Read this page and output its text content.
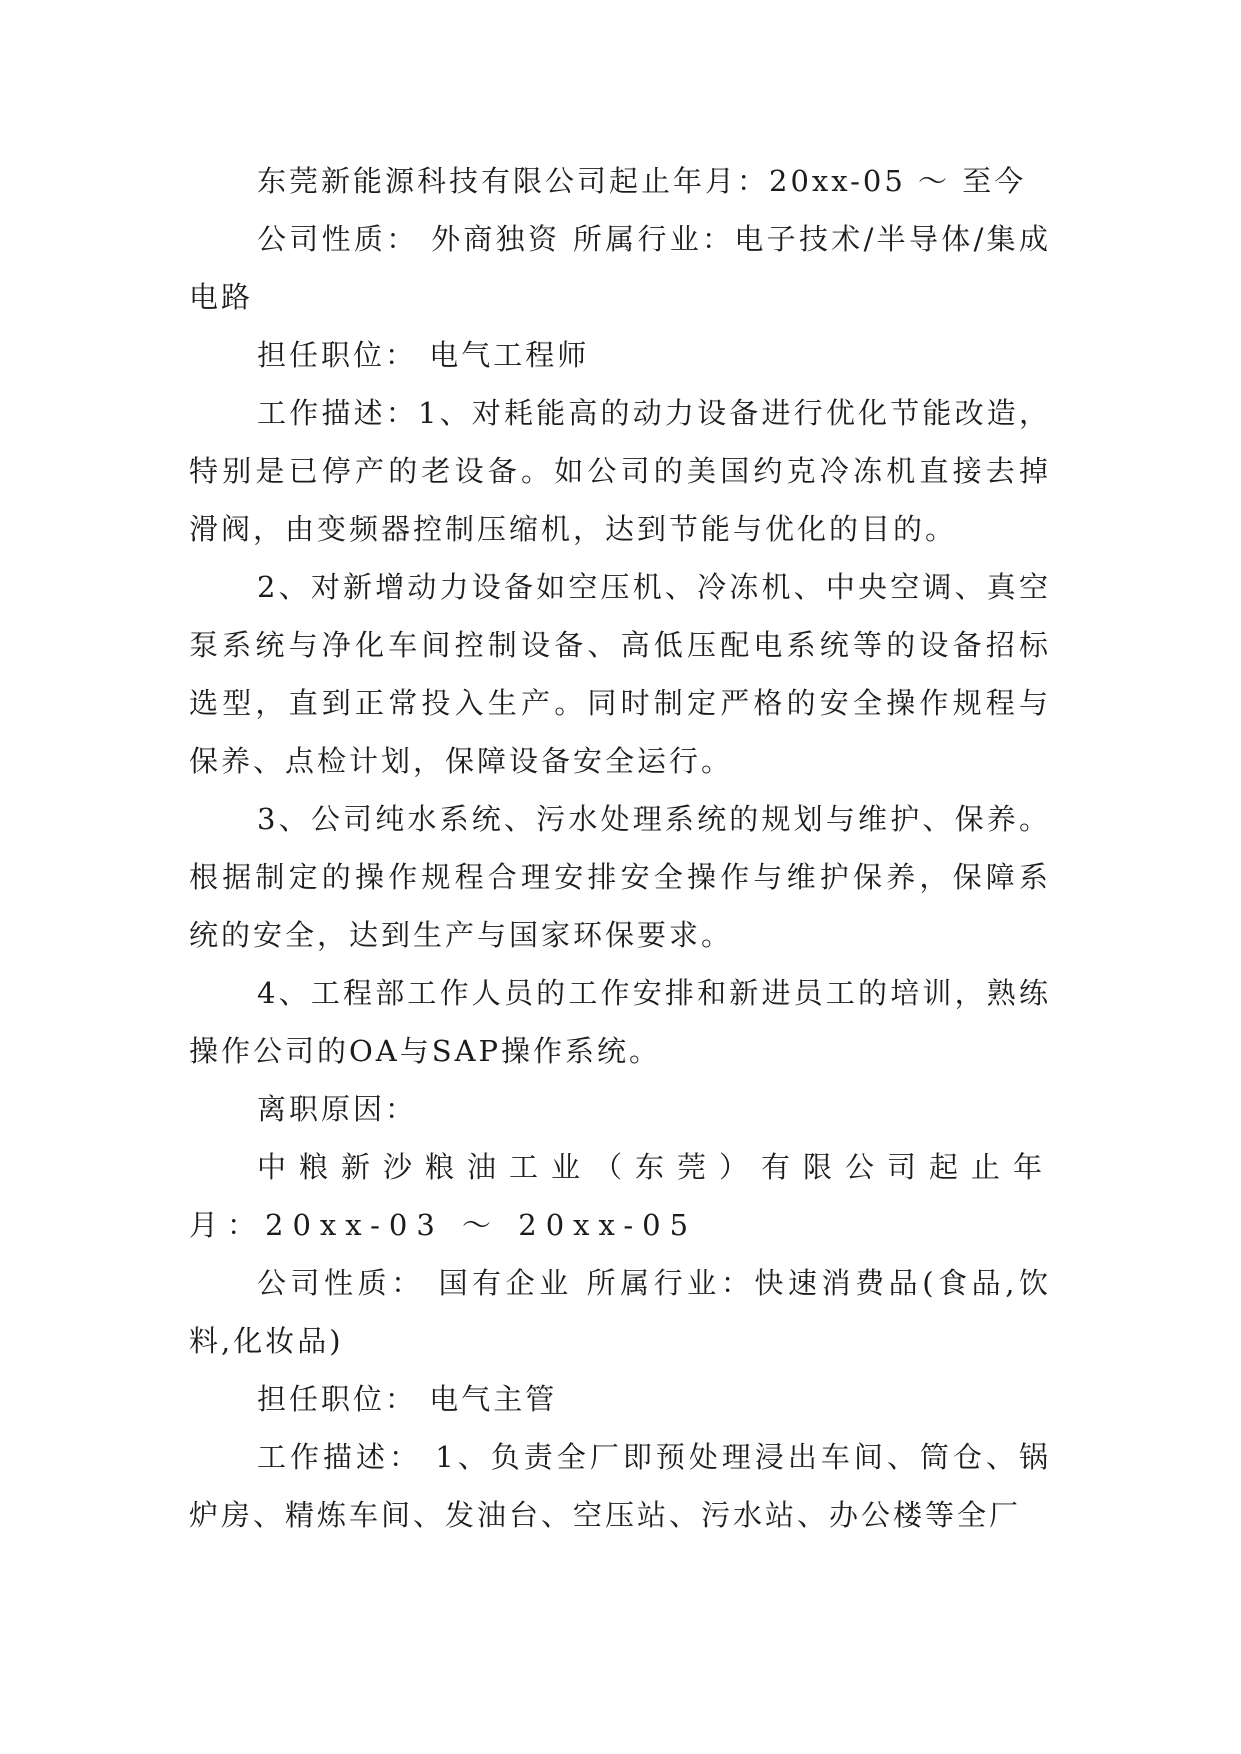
东莞新能源科技有限公司起止年月：20xx-05 ～ 至今

公司性质： 外商独资 所属行业：电子技术/半导体/集成电路

担任职位： 电气工程师

工作描述：1、对耗能高的动力设备进行优化节能改造，特别是已停产的老设备。如公司的美国约克冷冻机直接去掉滑阀，由变频器控制压缩机，达到节能与优化的目的。

2、对新增动力设备如空压机、冷冻机、中央空调、真空泵系统与净化车间控制设备、高低压配电系统等的设备招标选型，直到正常投入生产。同时制定严格的安全操作规程与保养、点检计划，保障设备安全运行。

3、公司纯水系统、污水处理系统的规划与维护、保养。根据制定的操作规程合理安排安全操作与维护保养，保障系统的安全，达到生产与国家环保要求。

4、工程部工作人员的工作安排和新进员工的培训，熟练操作公司的OA与SAP操作系统。

离职原因：

中粮新沙粮油工业（东莞）有限公司起止年月：20xx-03 ～ 20xx-05

公司性质： 国有企业 所属行业：快速消费品(食品,饮料,化妆品)

担任职位： 电气主管

工作描述： 1、负责全厂即预处理浸出车间、筒仓、锅炉房、精炼车间、发油台、空压站、污水站、办公楼等全厂
